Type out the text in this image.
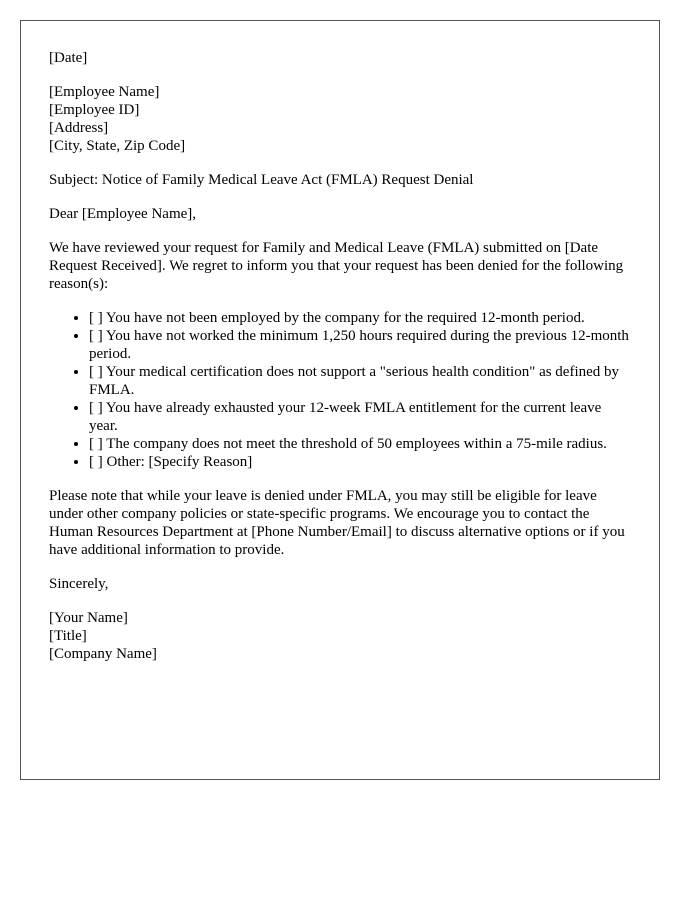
[Date]
[Employee Name]
[Employee ID]
[Address]
[City, State, Zip Code]

Subject: Notice of Family Medical Leave Act (FMLA) Request Denial

Dear [Employee Name],

We have reviewed your request for Family and Medical Leave (FMLA) submitted on [Date Request Received]. We regret to inform you that your request has been denied for the following reason(s):

• [ ] You have not been employed by the company for the required 12-month period.
• [ ] You have not worked the minimum 1,250 hours required during the previous 12-month period.
• [ ] Your medical certification does not support a "serious health condition" as defined by FMLA.
• [ ] You have already exhausted your 12-week FMLA entitlement for the current leave year.
• [ ] The company does not meet the threshold of 50 employees within a 75-mile radius.
• [ ] Other: [Specify Reason]

Please note that while your leave is denied under FMLA, you may still be eligible for leave under other company policies or state-specific programs. We encourage you to contact the Human Resources Department at [Phone Number/Email] to discuss alternative options or if you have additional information to provide.

Sincerely,

[Your Name]
[Title]
[Company Name]
